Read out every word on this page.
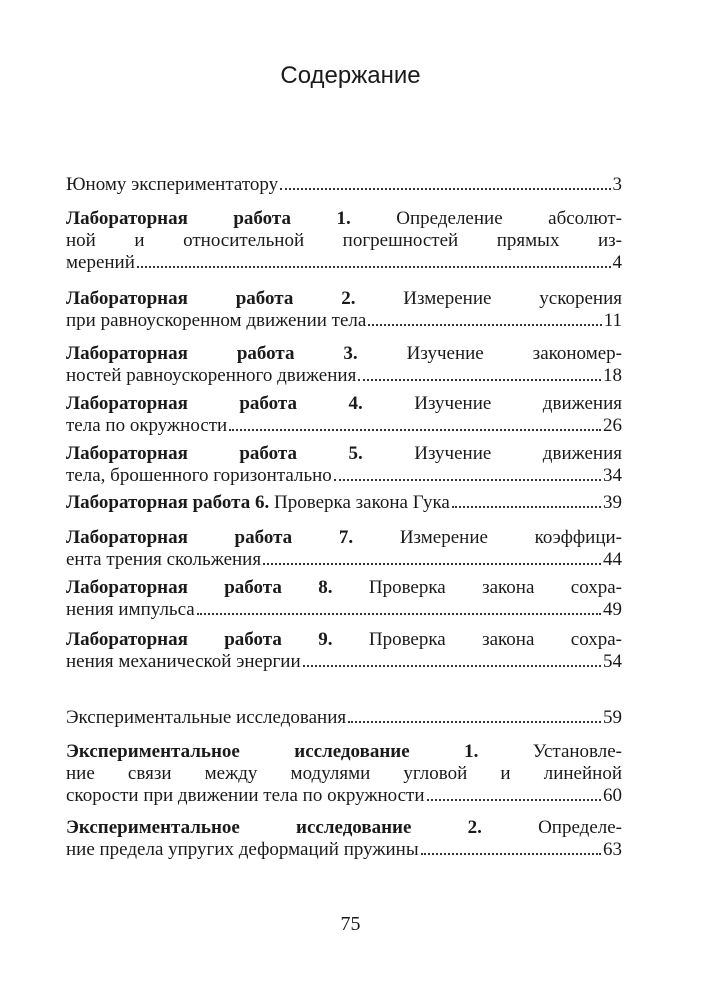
Содержание
Юному экспериментатору	3
Лабораторная работа 1. Определение абсолют-
ной и относительной погрешностей прямых из-
мерений	4
Лабораторная работа 2. Измерение ускорения
при равноускоренном движении тела	11
Лабораторная работа 3. Изучение закономер-
ностей равноускоренного движения	18
Лабораторная работа 4. Изучение движения
тела по окружности	26
Лабораторная работа 5. Изучение движения
тела, брошенного горизонтально	34
Лабораторная работа 6. Проверка закона Гука	39
Лабораторная работа 7. Измерение коэффици-
ента трения скольжения	44
Лабораторная работа 8. Проверка закона сохра-
нения импульса	49
Лабораторная работа 9. Проверка закона сохра-
нения механической энергии	54
Экспериментальные исследования	59
Экспериментальное исследование 1. Установле-
ние связи между модулями угловой и линейной
скорости при движении тела по окружности	60
Экспериментальное исследование 2. Определе-
ние предела упругих деформаций пружины	63
75
